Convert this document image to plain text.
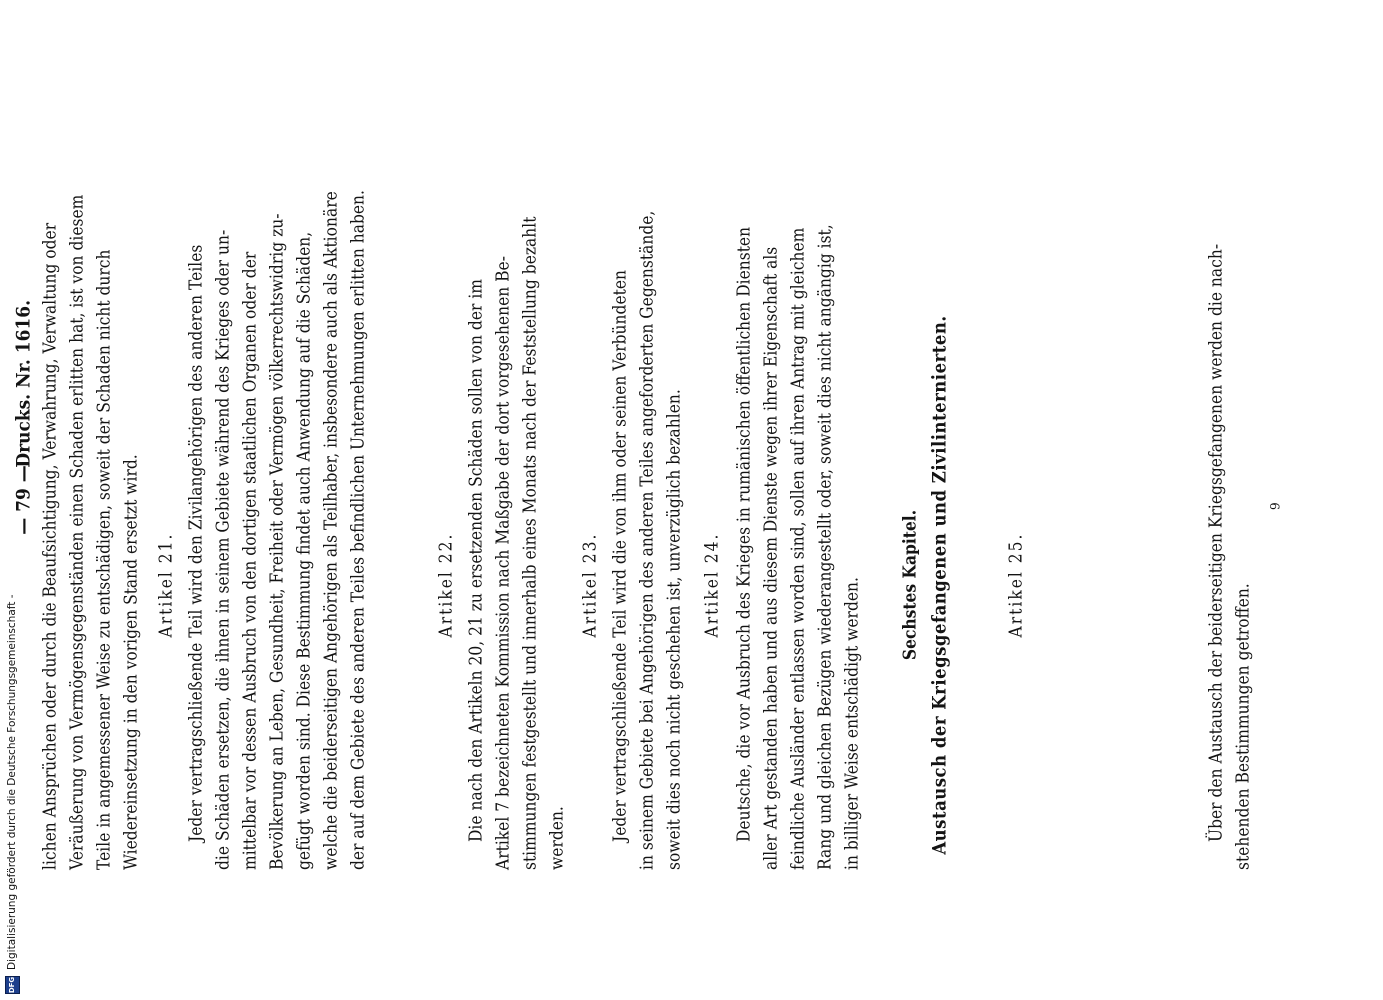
— 79 —

Drucks. Nr. 1616. lichen Ansprüchen oder durch die Beaufsichtigung, Verwahrung, Verwaltung oder Veräußerung von Vermögensgegenständen einen Schaden erlitten hat, ist von diesem Teile in angemessener Weise zu entschädigen, soweit der Schaden nicht durch Wiedereinsetzung in den vorigen Stand ersetzt wird. Artikel 21. Jeder vertragschließende Teil wird den Zivilangehörigen des anderen Teiles die Schäden ersetzen, die ihnen in seinem Gebiete während des Krieges oder un- mittelbar vor dessen Ausbruch von den dortigen staatlichen Organen oder der Bevölkerung an Leben, Gesundheit, Freiheit oder Vermögen völkerrechtswidrig zu- gefügt worden sind. Diese Bestimmung findet auch Anwendung auf die Schäden, welche die beiderseitigen Angehörigen als Teilhaber, insbesondere auch als Aktionäre der auf dem Gebiete des anderen Teiles befindlichen Unternehmungen erlitten haben.	Artikel 22. Die nach den Artikeln 20, 21 zu ersetzenden Schäden sollen von der im Artikel 7 bezeichneten Kommission nach Maßgabe der dort vorgesehenen Be- stimmungen festgestellt und innerhalb eines Monats nach der Feststellung bezahlt werden.

Artikel 23. Jeder vertragschließende Teil wird die von ihm oder seinen Verbündeten in seinem Gebiete bei Angehörigen des anderen Teiles angeforderten Gegenstände, soweit dies noch nicht geschehen ist, unverzüglich bezahlen. Artikel 24. Deutsche, die vor Ausbruch des Krieges in rumänischen öffentlichen Diensten aller Art gestanden haben und aus diesem Dienste wegen ihrer Eigenschaft als feindliche Ausländer entlassen worden sind, sollen auf ihren Antrag mit gleichem Rang und gleichen Bezügen wiederangestellt oder, soweit dies nicht angängig ist, in billiger Weise entschädigt werden. Sechstes Kapitel. Austausch der Kriegsgefangenen und Zivilinternierten.	Artikel 25.	Über den Austausch der beiderseitigen Kriegsgefangenen werden die nach- stehenden Bestimmungen getroffen.

9

DFG
Digitalisierung gefördert durch die Deutsche Forschungsgemeinschaft -
